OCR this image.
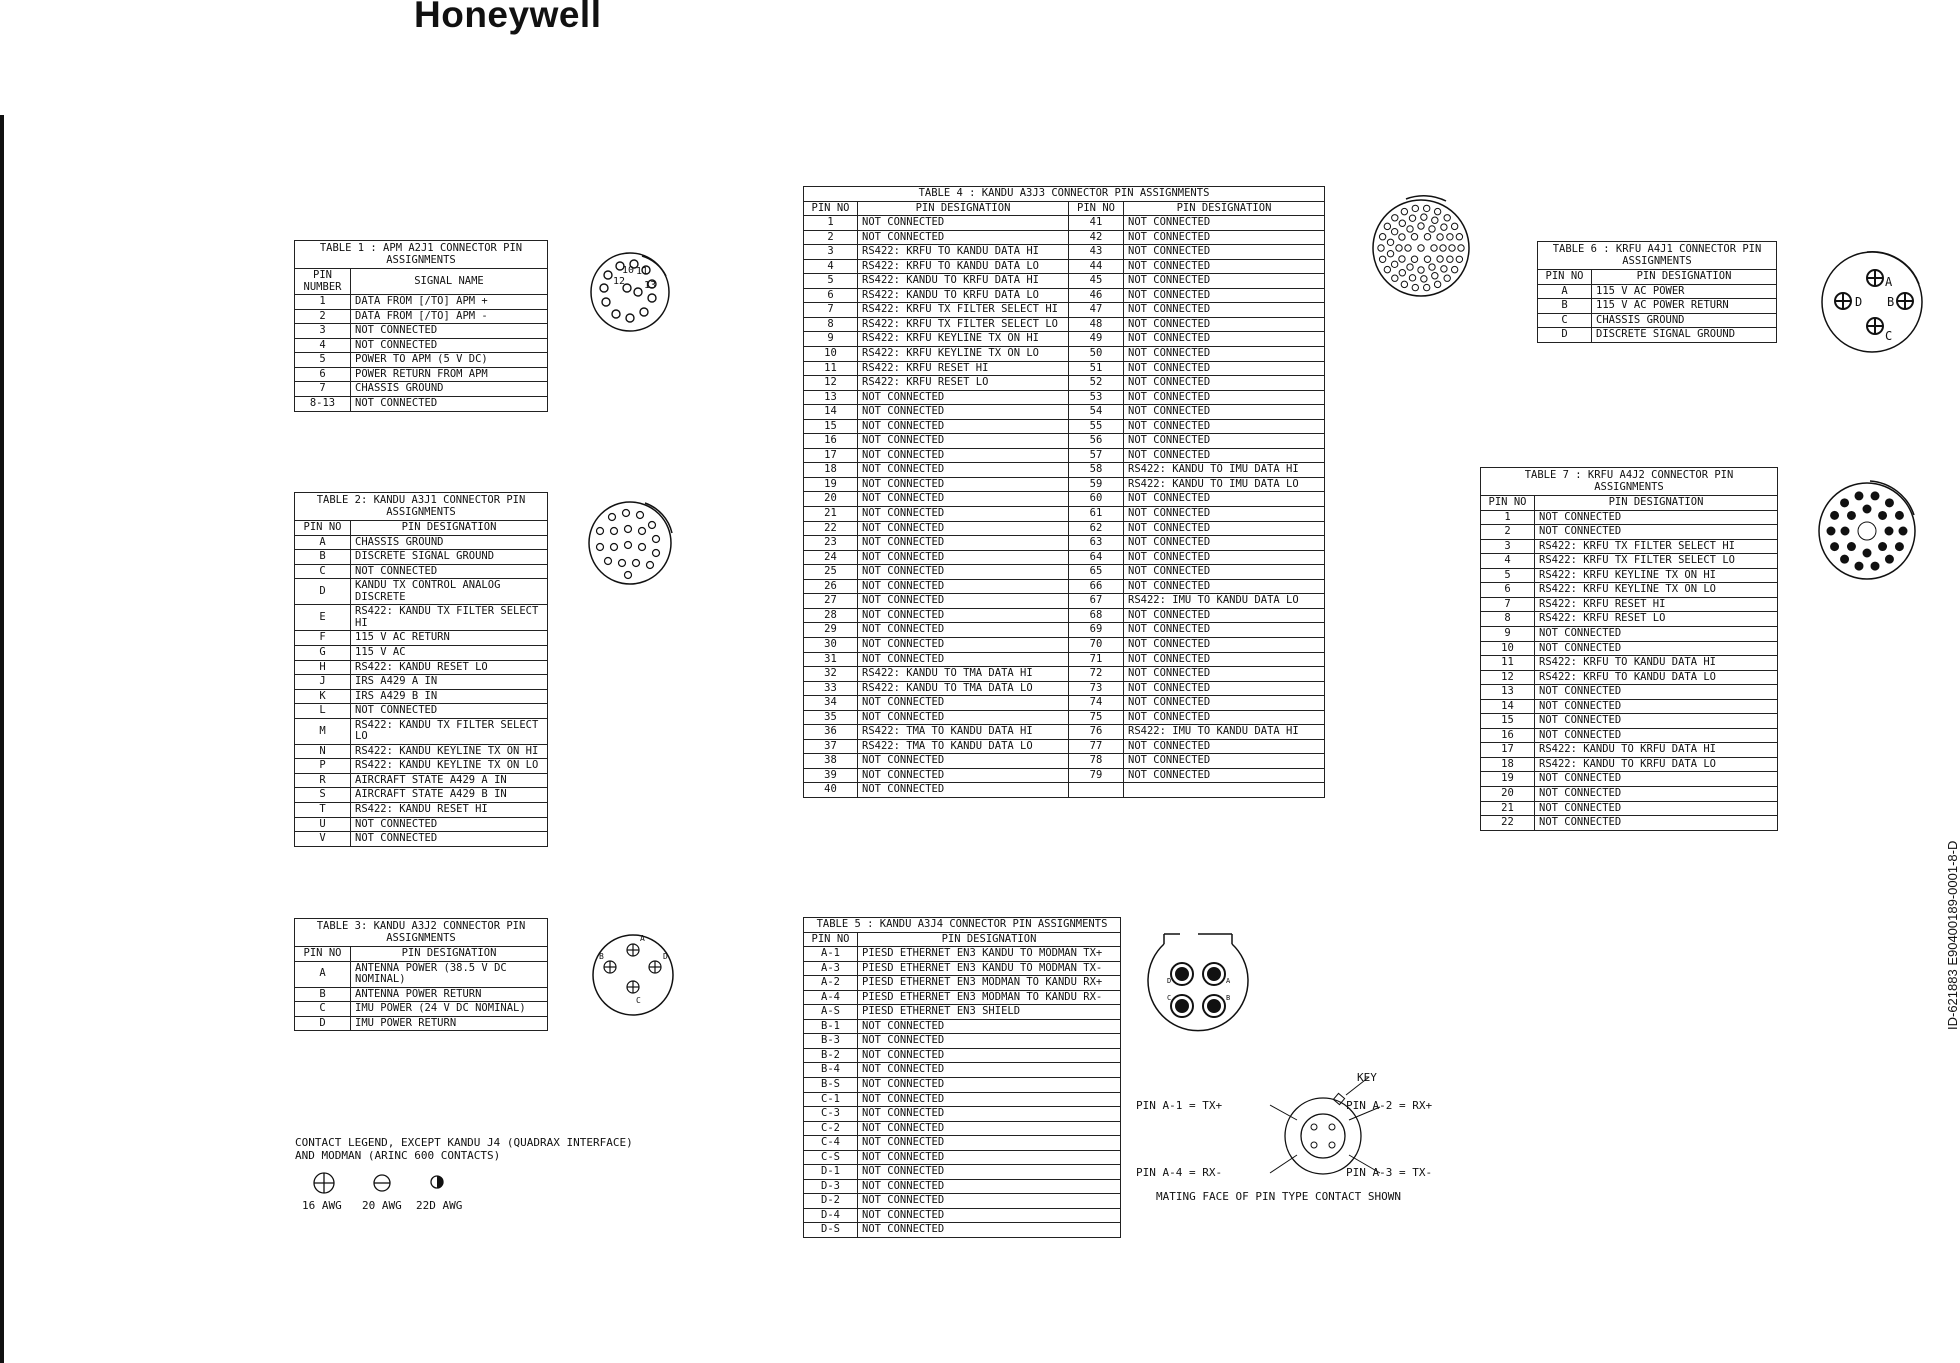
Honeywell
ID-621883 E90400189-0001-8-D
TABLE 1 : APM A2J1 CONNECTOR PIN ASSIGNMENTS	
PIN NUMBER	SIGNAL NAME
1	DATA FROM [/TO] APM +
2	DATA FROM [/TO] APM -
3	NOT CONNECTED
4	NOT CONNECTED
5	POWER TO APM (5 V DC)
6	POWER RETURN FROM APM
7	CHASSIS GROUND
8-13	NOT CONNECTED
TABLE 2: KANDU A3J1 CONNECTOR PIN ASSIGNMENTS	
PIN NO	PIN DESIGNATION
A	CHASSIS GROUND
B	DISCRETE SIGNAL GROUND
C	NOT CONNECTED
D	KANDU TX CONTROL ANALOG DISCRETE
E	RS422: KANDU TX FILTER SELECT HI
F	115 V AC RETURN
G	115 V AC
H	RS422: KANDU RESET LO
J	IRS A429 A IN
K	IRS A429 B IN
L	NOT CONNECTED
M	RS422: KANDU TX FILTER SELECT LO
N	RS422: KANDU KEYLINE TX ON HI
P	RS422: KANDU KEYLINE TX ON LO
R	AIRCRAFT STATE A429 A IN
S	AIRCRAFT STATE A429 B IN
T	RS422: KANDU RESET HI
U	NOT CONNECTED
V	NOT CONNECTED
TABLE 3: KANDU A3J2 CONNECTOR PIN ASSIGNMENTS	
PIN NO	PIN DESIGNATION
A	ANTENNA POWER (38.5 V DC NOMINAL)
B	ANTENNA POWER RETURN
C	IMU POWER (24 V DC NOMINAL)
D	IMU POWER RETURN
TABLE 4 : KANDU A3J3 CONNECTOR PIN ASSIGNMENTS			
PIN NO	PIN DESIGNATION	PIN NO	PIN DESIGNATION
1	NOT CONNECTED	41	NOT CONNECTED
2	NOT CONNECTED	42	NOT CONNECTED
3	RS422: KRFU TO KANDU DATA HI	43	NOT CONNECTED
4	RS422: KRFU TO KANDU DATA LO	44	NOT CONNECTED
5	RS422: KANDU TO KRFU DATA HI	45	NOT CONNECTED
6	RS422: KANDU TO KRFU DATA LO	46	NOT CONNECTED
7	RS422: KRFU TX FILTER SELECT HI	47	NOT CONNECTED
8	RS422: KRFU TX FILTER SELECT LO	48	NOT CONNECTED
9	RS422: KRFU KEYLINE TX ON HI	49	NOT CONNECTED
10	RS422: KRFU KEYLINE TX ON LO	50	NOT CONNECTED
11	RS422: KRFU RESET HI	51	NOT CONNECTED
12	RS422: KRFU RESET LO	52	NOT CONNECTED
13	NOT CONNECTED	53	NOT CONNECTED
14	NOT CONNECTED	54	NOT CONNECTED
15	NOT CONNECTED	55	NOT CONNECTED
16	NOT CONNECTED	56	NOT CONNECTED
17	NOT CONNECTED	57	NOT CONNECTED
18	NOT CONNECTED	58	RS422: KANDU TO IMU DATA HI
19	NOT CONNECTED	59	RS422: KANDU TO IMU DATA LO
20	NOT CONNECTED	60	NOT CONNECTED
21	NOT CONNECTED	61	NOT CONNECTED
22	NOT CONNECTED	62	NOT CONNECTED
23	NOT CONNECTED	63	NOT CONNECTED
24	NOT CONNECTED	64	NOT CONNECTED
25	NOT CONNECTED	65	NOT CONNECTED
26	NOT CONNECTED	66	NOT CONNECTED
27	NOT CONNECTED	67	RS422: IMU TO KANDU DATA LO
28	NOT CONNECTED	68	NOT CONNECTED
29	NOT CONNECTED	69	NOT CONNECTED
30	NOT CONNECTED	70	NOT CONNECTED
31	NOT CONNECTED	71	NOT CONNECTED
32	RS422: KANDU TO TMA DATA HI	72	NOT CONNECTED
33	RS422: KANDU TO TMA DATA LO	73	NOT CONNECTED
34	NOT CONNECTED	74	NOT CONNECTED
35	NOT CONNECTED	75	NOT CONNECTED
36	RS422: TMA TO KANDU DATA HI	76	RS422: IMU TO KANDU DATA HI
37	RS422: TMA TO KANDU DATA LO	77	NOT CONNECTED
38	NOT CONNECTED	78	NOT CONNECTED
39	NOT CONNECTED	79	NOT CONNECTED
40	NOT CONNECTED		
TABLE 5 : KANDU A3J4 CONNECTOR PIN ASSIGNMENTS	
PIN NO	PIN DESIGNATION
A-1	PIESD ETHERNET EN3 KANDU TO MODMAN TX+
A-3	PIESD ETHERNET EN3 KANDU TO MODMAN TX-
A-2	PIESD ETHERNET EN3 MODMAN TO KANDU RX+
A-4	PIESD ETHERNET EN3 MODMAN TO KANDU RX-
A-S	PIESD ETHERNET EN3 SHIELD
B-1	NOT CONNECTED
B-3	NOT CONNECTED
B-2	NOT CONNECTED
B-4	NOT CONNECTED
B-S	NOT CONNECTED
C-1	NOT CONNECTED
C-3	NOT CONNECTED
C-2	NOT CONNECTED
C-4	NOT CONNECTED
C-S	NOT CONNECTED
D-1	NOT CONNECTED
D-3	NOT CONNECTED
D-2	NOT CONNECTED
D-4	NOT CONNECTED
D-S	NOT CONNECTED
TABLE 6 : KRFU A4J1 CONNECTOR PIN ASSIGNMENTS	
PIN NO	PIN DESIGNATION
A	115 V AC POWER
B	115 V AC POWER RETURN
C	CHASSIS GROUND
D	DISCRETE SIGNAL GROUND
TABLE 7 : KRFU A4J2 CONNECTOR PIN ASSIGNMENTS	
PIN NO	PIN DESIGNATION
1	NOT CONNECTED
2	NOT CONNECTED
3	RS422: KRFU TX FILTER SELECT HI
4	RS422: KRFU TX FILTER SELECT LO
5	RS422: KRFU KEYLINE TX ON HI
6	RS422: KRFU KEYLINE TX ON LO
7	RS422: KRFU RESET HI
8	RS422: KRFU RESET LO
9	NOT CONNECTED
10	NOT CONNECTED
11	RS422: KRFU TO KANDU DATA HI
12	RS422: KRFU TO KANDU DATA LO
13	NOT CONNECTED
14	NOT CONNECTED
15	NOT CONNECTED
16	NOT CONNECTED
17	RS422: KANDU TO KRFU DATA HI
18	RS422: KANDU TO KRFU DATA LO
19	NOT CONNECTED
20	NOT CONNECTED
21	NOT CONNECTED
22	NOT CONNECTED
10 11
12 13
A
B
C
D
D	A
C	B
A
D B
C
CONTACT LEGEND, EXCEPT KANDU J4 (QUADRAX INTERFACE)
AND MODMAN (ARINC 600 CONTACTS)
16 AWG 20 AWG 22D AWG
KEY
PIN A-1 = TX+	PIN A-2 = RX+
PIN A-4 = RX-	PIN A-3 = TX-
MATING FACE OF PIN TYPE CONTACT SHOWN
